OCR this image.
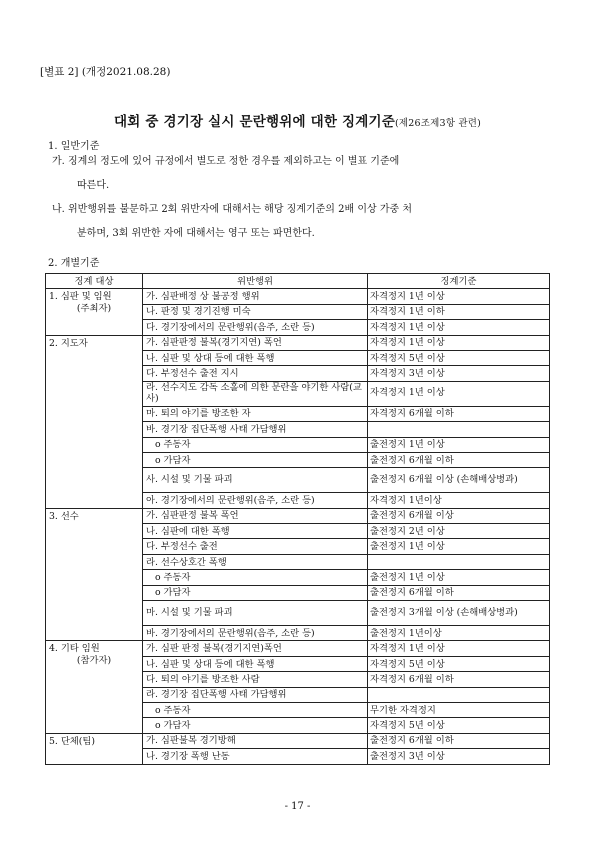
[별표 2] (개정2021.08.28)
대회 중 경기장 실시 문란행위에 대한 징계기준(제26조제3항 관련)
1. 일반기준
가. 징계의 정도에 있어 규정에서 별도로 정한 경우를 제외하고는 이 별표 기준에
따른다.
나. 위반행위를 불문하고 2회 위반자에 대해서는 해당 징계기준의 2배 이상 가중 처
분하며, 3회 위반한 자에 대해서는 영구 또는 파면한다.
2. 개별기준
징계 대상	위반행위	징계기준
1. 심판 및 임원
(주최자)	가. 심판배정 상 불공정 행위	자격정지 1년 이상
	나. 판정 및 경기진행 미숙	자격정지 1년 이하
	다. 경기장에서의 문란행위(음주, 소란 등)	자격정지 1년 이상
2. 지도자	가. 심판판정 불복(경기지연) 폭언	자격정지 1년 이상
	나. 심판 및 상대 등에 대한 폭행	자격정지 5년 이상
	다. 부정선수 출전 지시	자격정지 3년 이상
	라. 선수지도 감독 소홀에 의한 문란을 야기한 사람(교사)	자격정지 1년 이상
	마. 퇴의 야기를 방조한 자	자격정지 6개월 이하
	바. 경기장 집단폭행 사태 가담행위	
	o 주동자	출전정지 1년 이상
	o 가담자	출전정지 6개월 이하
	사. 시설 및 기물 파괴	출전정지 6개월 이상 (손해배상병과)
	아. 경기장에서의 문란행위(음주, 소란 등)	자격정지 1년이상
3. 선수	가. 심판판정 불복 폭언	출전정지 6개월 이상
	나. 심판에 대한 폭행	출전정지 2년 이상
	다. 부정선수 출전	출전정지 1년 이상
	라. 선수상호간 폭행	
	o 주동자	출전정지 1년 이상
	o 가담자	출전정지 6개월 이하
	마. 시설 및 기물 파괴	출전정지 3개월 이상 (손해배상병과)
	바. 경기장에서의 문란행위(음주, 소란 등)	출전정지 1년이상
4. 기타 임원
(참가자)	가. 심판 판정 불복(경기지연)폭언	자격정지 1년 이상
	나. 심판 및 상대 등에 대한 폭행	자격정지 5년 이상
	다. 퇴의 야기를 방조한 사람	자격정지 6개월 이하
	라. 경기장 집단폭행 사태 가담행위	
	o 주동자	무기한 자격정지
	o 가담자	자격정지 5년 이상
5. 단체(팀)	가. 심판불복 경기방해	출전정지 6개월 이하
	나. 경기장 폭행 난동	출전정지 3년 이상
- 17 -
